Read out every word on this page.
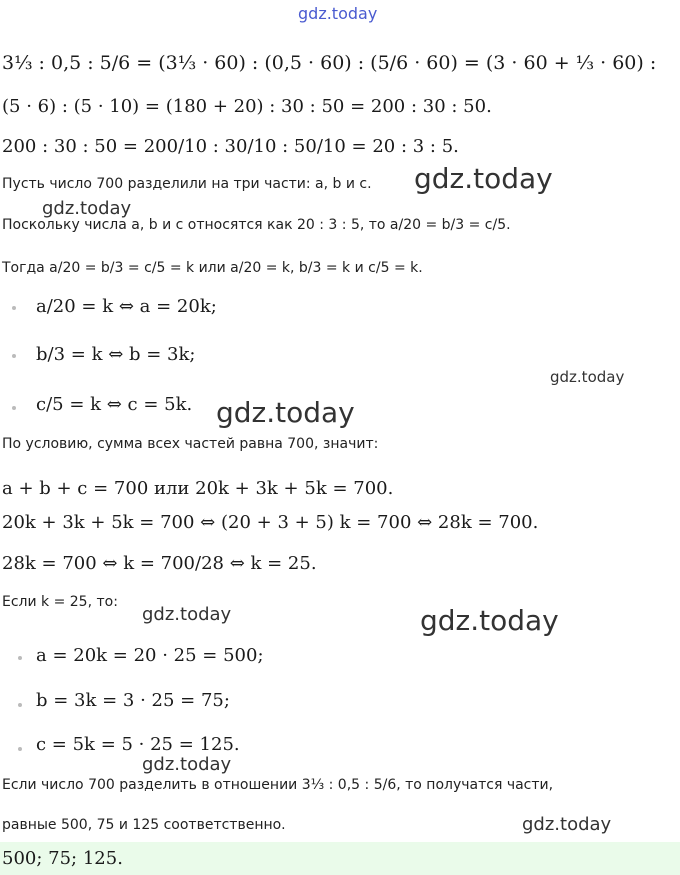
gdz.today
gdz.today
gdz.today
gdz.today
gdz.today
gdz.today	gdz.today
gdz.today
gdz.today
3⅓ : 0,5 : 5/6 = (3⅓ · 60) : (0,5 · 60) : (5/6 · 60) = (3 · 60 + ⅓ · 60) :
(5 · 6) : (5 · 10) = (180 + 20) : 30 : 50 = 200 : 30 : 50.
200 : 30 : 50 = 200/10 : 30/10 : 50/10 = 20 : 3 : 5.
Пусть число 700 разделили на три части: a, b и c.
Поскольку числа a, b и c относятся как 20 : 3 : 5, то a/20 = b/3 = c/5.
Тогда a/20 = b/3 = c/5 = k или a/20 = k, b/3 = k и c/5 = k.
a/20 = k ⇔ a = 20k;
b/3 = k ⇔ b = 3k;
c/5 = k ⇔ c = 5k.
По условию, сумма всех частей равна 700, значит:
a + b + c = 700 или 20k + 3k + 5k = 700.
20k + 3k + 5k = 700 ⇔ (20 + 3 + 5) k = 700 ⇔ 28k = 700.
28k = 700 ⇔ k = 700/28 ⇔ k = 25.
Если k = 25, то:
a = 20k = 20 · 25 = 500;
b = 3k = 3 · 25 = 75;
c = 5k = 5 · 25 = 125.
Если число 700 разделить в отношении 3⅓ : 0,5 : 5/6, то получатся части,
равные 500, 75 и 125 соответственно.
500; 75; 125.
